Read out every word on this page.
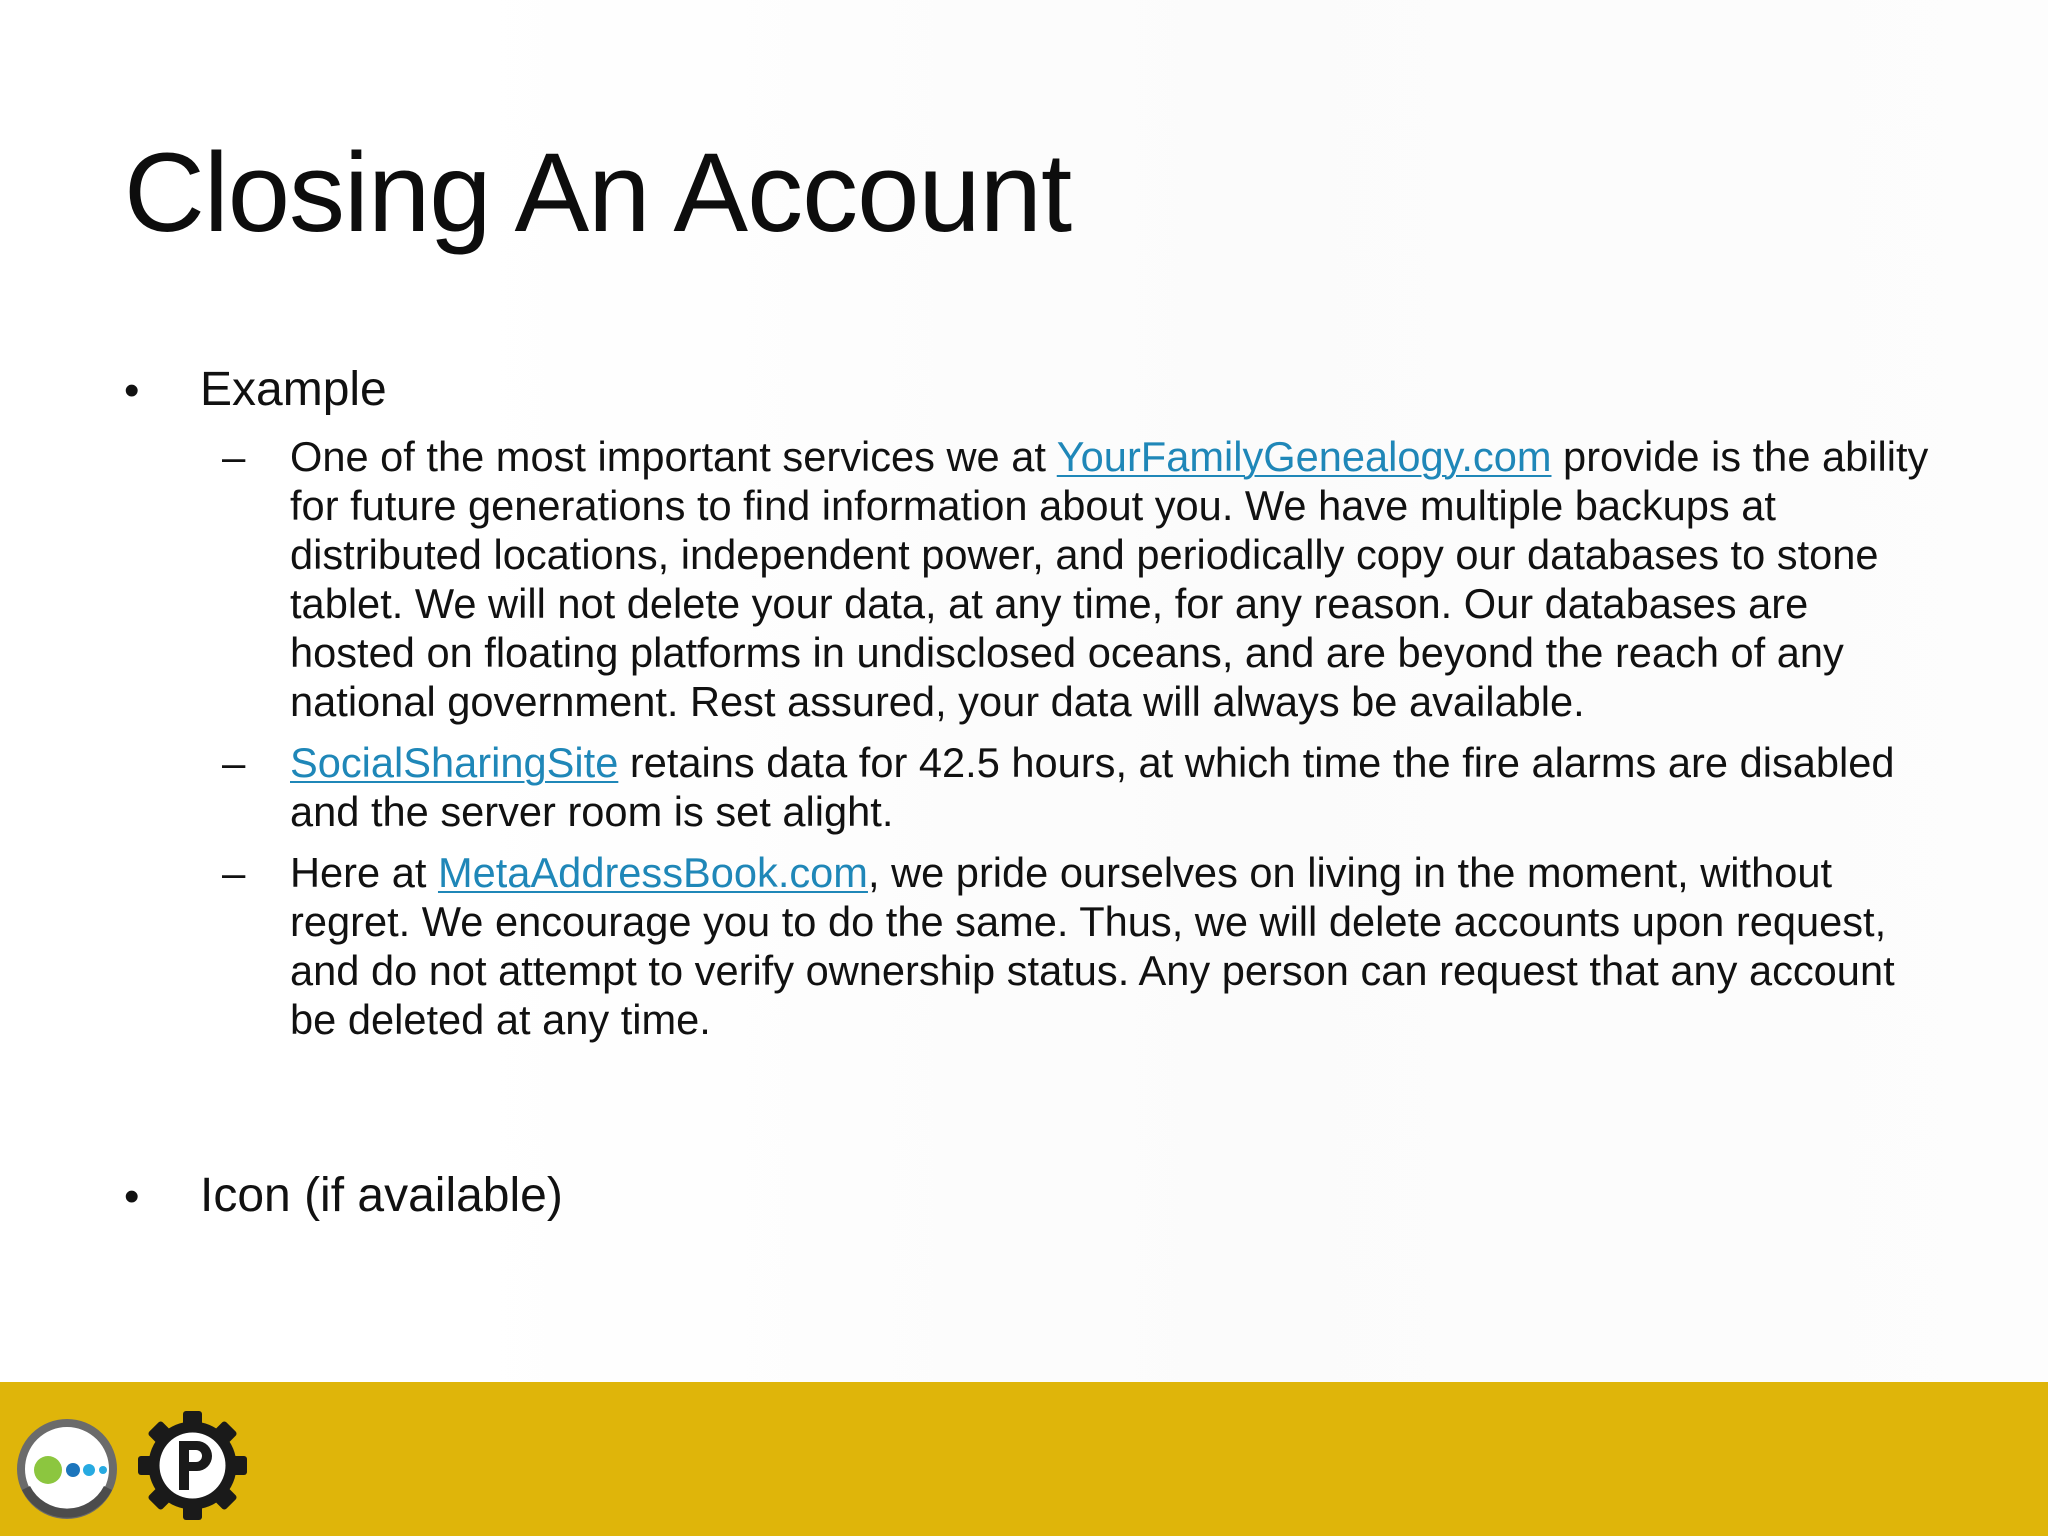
Closing An Account
•	Example
–	One of the most important services we at YourFamilyGenealogy.com provide is the ability for future generations to find information about you. We have multiple backups at distributed locations, independent power, and periodically copy our databases to stone tablet. We will not delete your data, at any time, for any reason. Our databases are hosted on floating platforms in undisclosed oceans, and are beyond the reach of any national government. Rest assured, your data will always be available.
–	SocialSharingSite retains data for 42.5 hours, at which time the fire alarms are disabled and the server room is set alight.
–	Here at MetaAddressBook.com, we pride ourselves on living in the moment, without regret. We encourage you to do the same. Thus, we will delete accounts upon request, and do not attempt to verify ownership status. Any person can request that any account be deleted at any time.
•	Icon (if available)
